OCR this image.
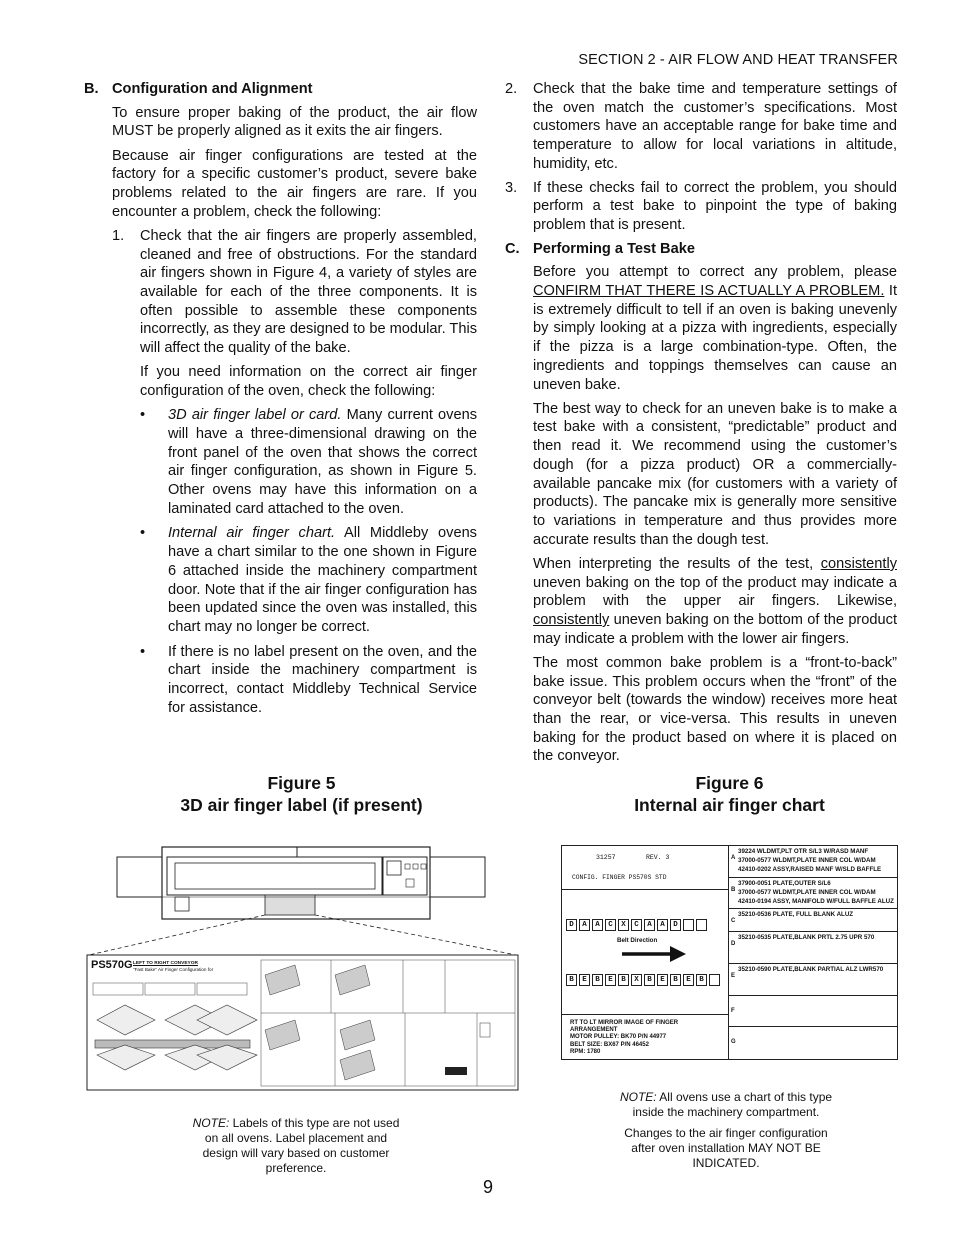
SECTION 2 - AIR FLOW AND HEAT TRANSFER
B. Configuration and Alignment

To ensure proper baking of the product, the air flow MUST be properly aligned as it exits the air fingers.

Because air finger configurations are tested at the factory for a specific customer’s product, severe bake problems related to the air fingers are rare. If you encounter a problem, check the following:

1.	Check that the air fingers are properly assembled, cleaned and free of obstructions. For the standard air fingers shown in Figure 4, a variety of styles are available for each of the three components. It is often possible to assemble these components incorrectly, as they are designed to be modular. This will affect the quality of the bake.

If you need information on the correct air finger configuration of the oven, check the following:

•	3D air finger label or card. Many current ovens will have a three-dimensional drawing on the front panel of the oven that shows the correct air finger configuration, as shown in Figure 5. Other ovens may have this information on a laminated card attached to the oven.
•	Internal air finger chart. All Middleby ovens have a chart similar to the one shown in Figure 6 attached inside the machinery compartment door. Note that if the air finger configuration has been updated since the oven was installed, this chart may no longer be correct.
•	If there is no label present on the oven, and the chart inside the machinery compartment is incorrect, contact Middleby Technical Service for assistance.
2.	Check that the bake time and temperature settings of the oven match the customer’s specifications. Most customers have an acceptable range for bake time and temperature to allow for local variations in altitude, humidity, etc.
3.	If these checks fail to correct the problem, you should perform a test bake to pinpoint the type of baking problem that is present.
C. Performing a Test Bake

Before you attempt to correct any problem, please CONFIRM THAT THERE IS ACTUALLY A PROBLEM. It is extremely difficult to tell if an oven is baking unevenly by simply looking at a pizza with ingredients, especially if the pizza is a large combination-type. Often, the ingredients and toppings themselves can cause an uneven bake.

The best way to check for an uneven bake is to make a test bake with a consistent, “predictable” product and then read it. We recommend using the customer’s dough (for a pizza product) OR a commercially-available pancake mix (for customers with a variety of products). The pancake mix is generally more sensitive to variations in temperature and thus provides more accurate results than the dough test.

When interpreting the results of the test, consistently uneven baking on the top of the product may indicate a problem with the upper air fingers. Likewise, consistently uneven baking on the bottom of the product may indicate a problem with the lower air fingers.

The most common bake problem is a “front-to-back” bake issue. This problem occurs when the “front” of the conveyor belt (towards the window) receives more heat than the rear, or vice-versa. This results in uneven baking for the product based on where it is placed on the conveyor.

Figure 5
3D air finger label (if present)
Figure 6
Internal air finger chart
PS570G LEFT TO RIGHT CONVEYOR
"Fast Bake" Air Finger Configuration for
NOTE: Labels of this type are not used on all ovens. Label placement and design will vary based on customer preference.
31257	REV. 3
CONFIG. FINGER PS570S STD
D	A	A	C	X	C	A	A	D
Belt Direction
B	E	B	E	B	X	B	E	B	E	B
RT TO LT MIRROR IMAGE OF FINGER
ARRANGEMENT
MOTOR PULLEY: BK70 P/N 44977
BELT SIZE: BX67 P/N 46452
RPM: 1780
A
39224 WLDMT,PLT OTR S/L3 W/RASD MANF
37000-0577 WLDMT,PLATE INNER COL W/DAM
42410-0202 ASSY,RAISED MANF W/SLD BAFFLE
B
37900-0051 PLATE,OUTER S/L6
37000-0577 WLDMT,PLATE INNER COL W/DAM
42410-0194 ASSY, MANIFOLD W/FULL BAFFLE ALUZ
C
35210-0536 PLATE, FULL BLANK ALUZ
D
35210-0535 PLATE,BLANK PRTL 2.75 UPR 570
E
35210-0590 PLATE,BLANK PARTIAL ALZ LWR570
F
G
NOTE: All ovens use a chart of this type inside the machinery compartment.
Changes to the air finger configuration after oven installation MAY NOT BE INDICATED.
9
